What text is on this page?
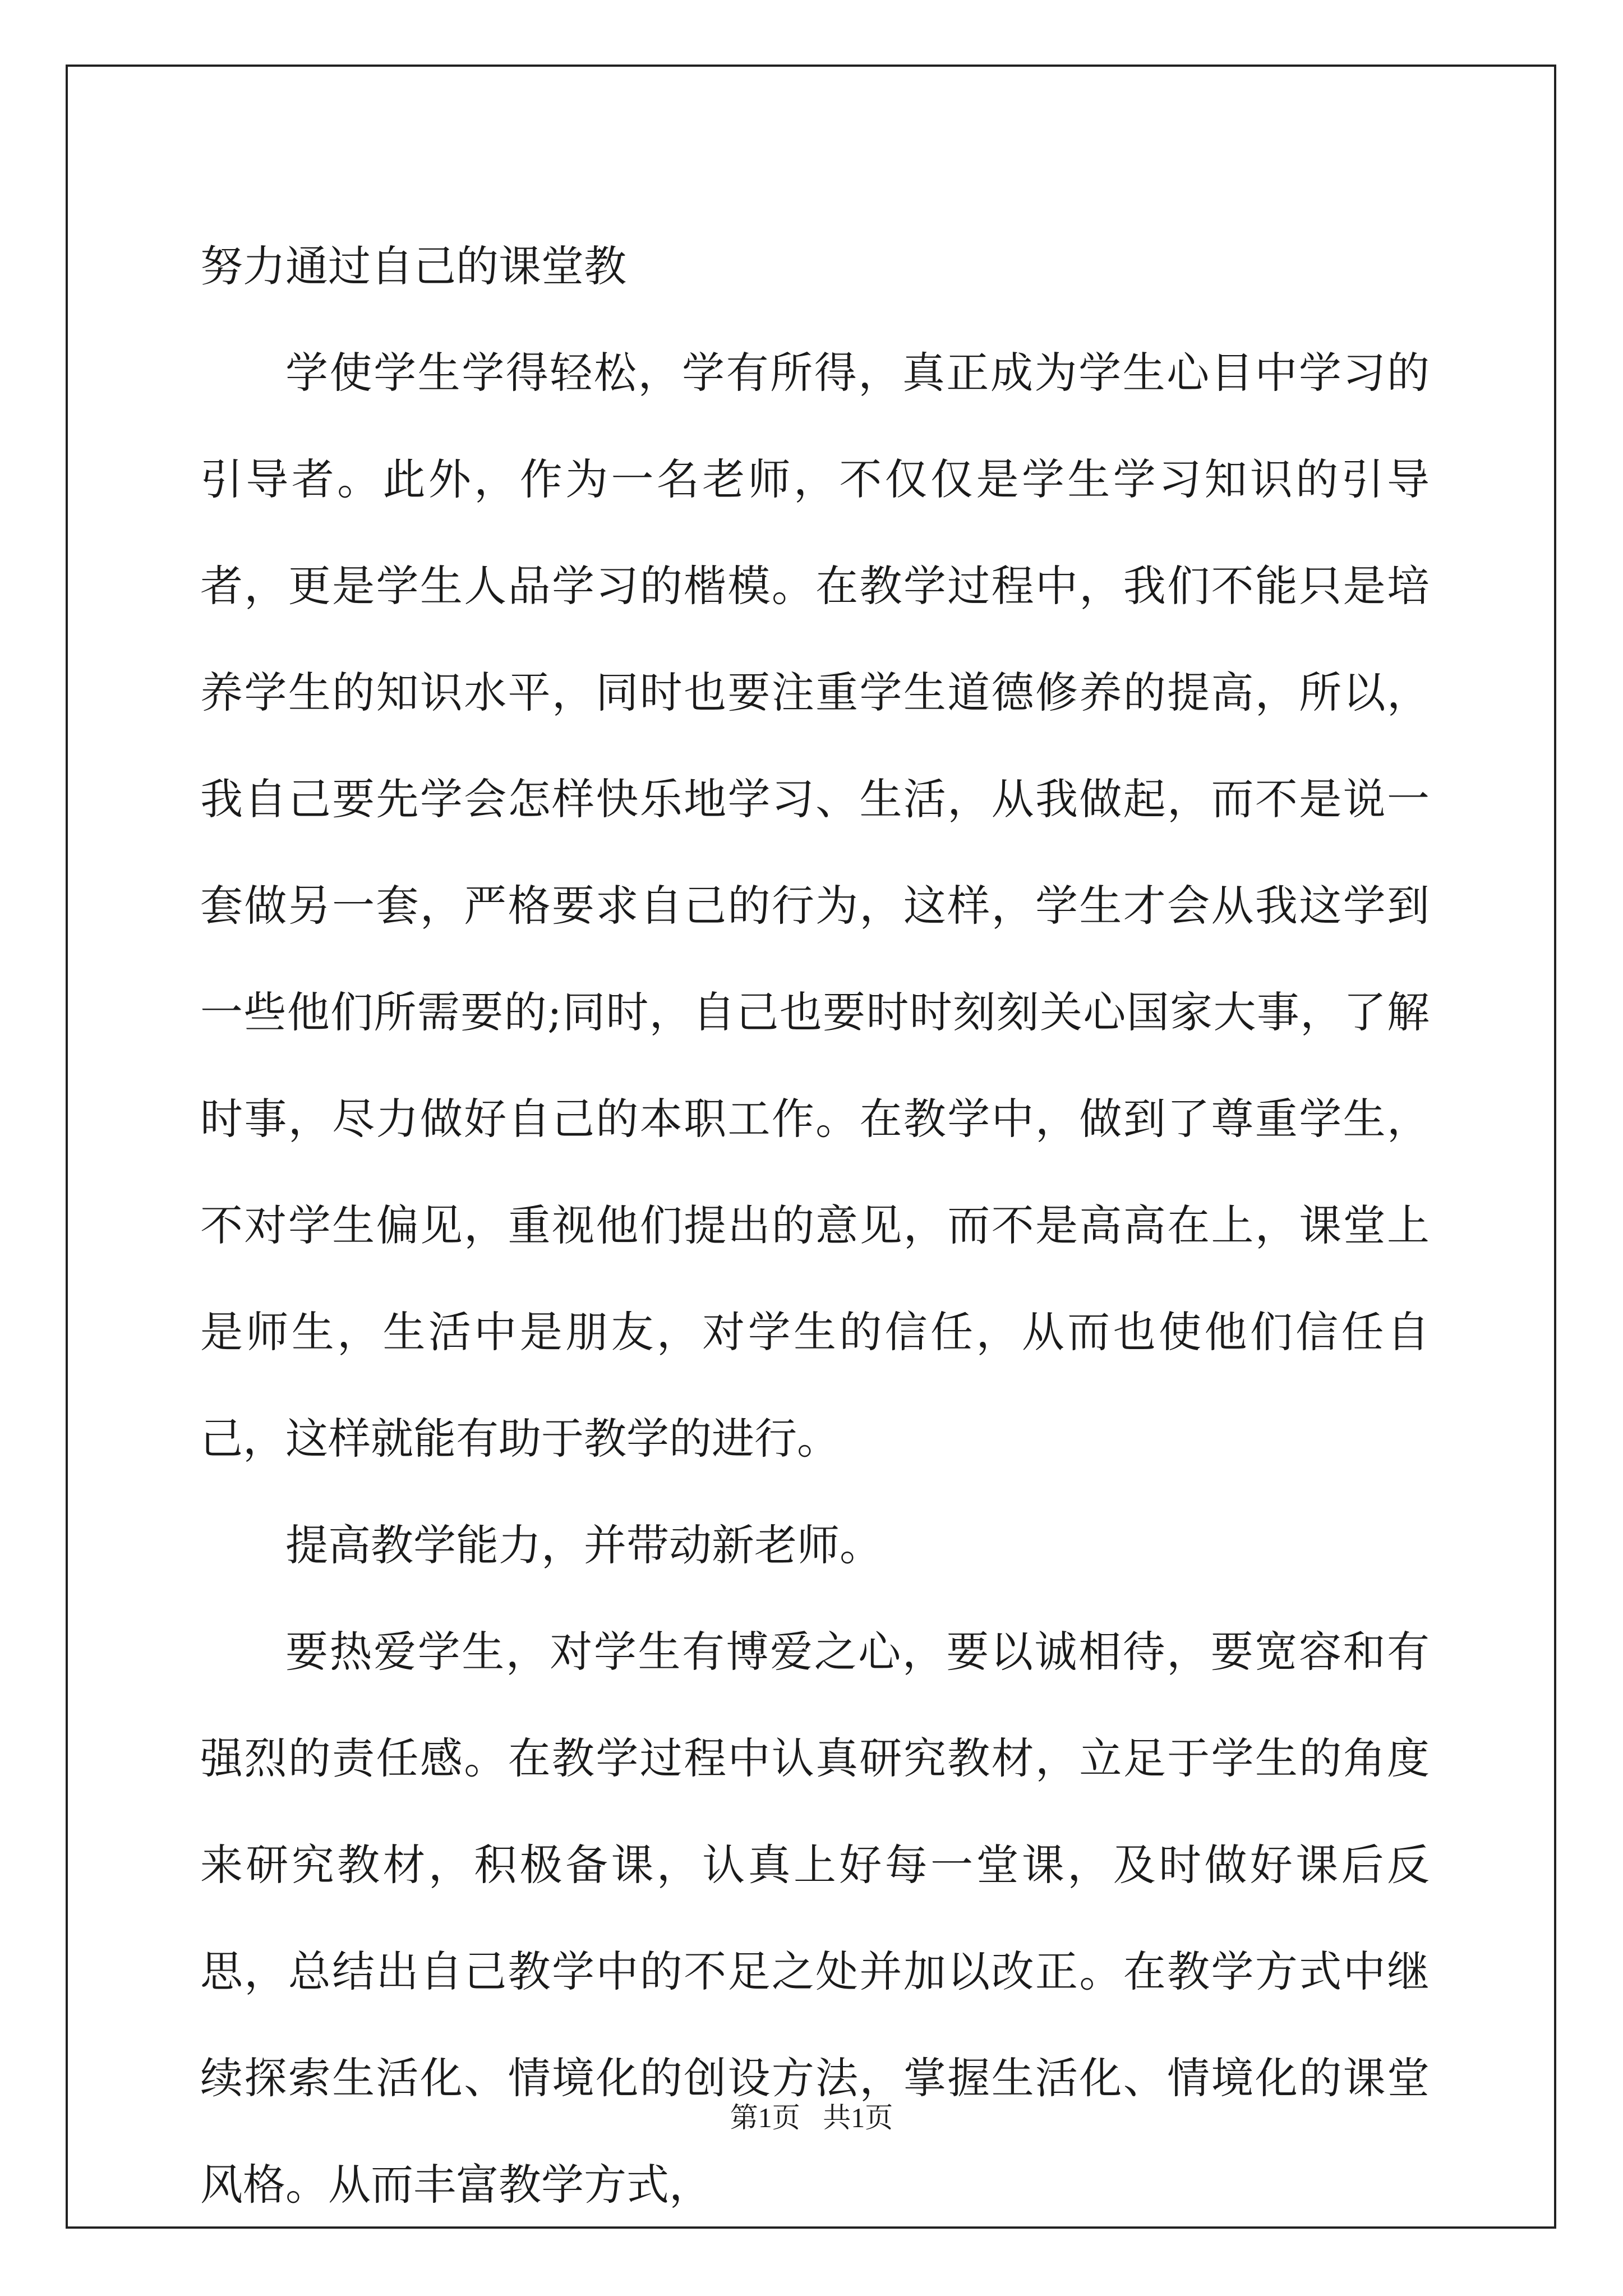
努力通过自己的课堂教

学使学生学得轻松，学有所得，真正成为学生心目中学习的引导者。此外，作为一名老师，不仅仅是学生学习知识的引导者，更是学生人品学习的楷模。在教学过程中，我们不能只是培养学生的知识水平，同时也要注重学生道德修养的提高，所以，我自己要先学会怎样快乐地学习、生活，从我做起，而不是说一套做另一套，严格要求自己的行为，这样，学生才会从我这学到一些他们所需要的;同时，自己也要时时刻刻关心国家大事，了解时事，尽力做好自己的本职工作。在教学中，做到了尊重学生，不对学生偏见，重视他们提出的意见，而不是高高在上，课堂上是师生，生活中是朋友，对学生的信任，从而也使他们信任自己，这样就能有助于教学的进行。

提高教学能力，并带动新老师。

要热爱学生，对学生有博爱之心，要以诚相待，要宽容和有强烈的责任感。在教学过程中认真研究教材，立足于学生的角度来研究教材，积极备课，认真上好每一堂课，及时做好课后反思，总结出自己教学中的不足之处并加以改正。在教学方式中继续探索生活化、情境化的创设方法，掌握生活化、情境化的课堂风格。从而丰富教学方式，

第1页 共1页
